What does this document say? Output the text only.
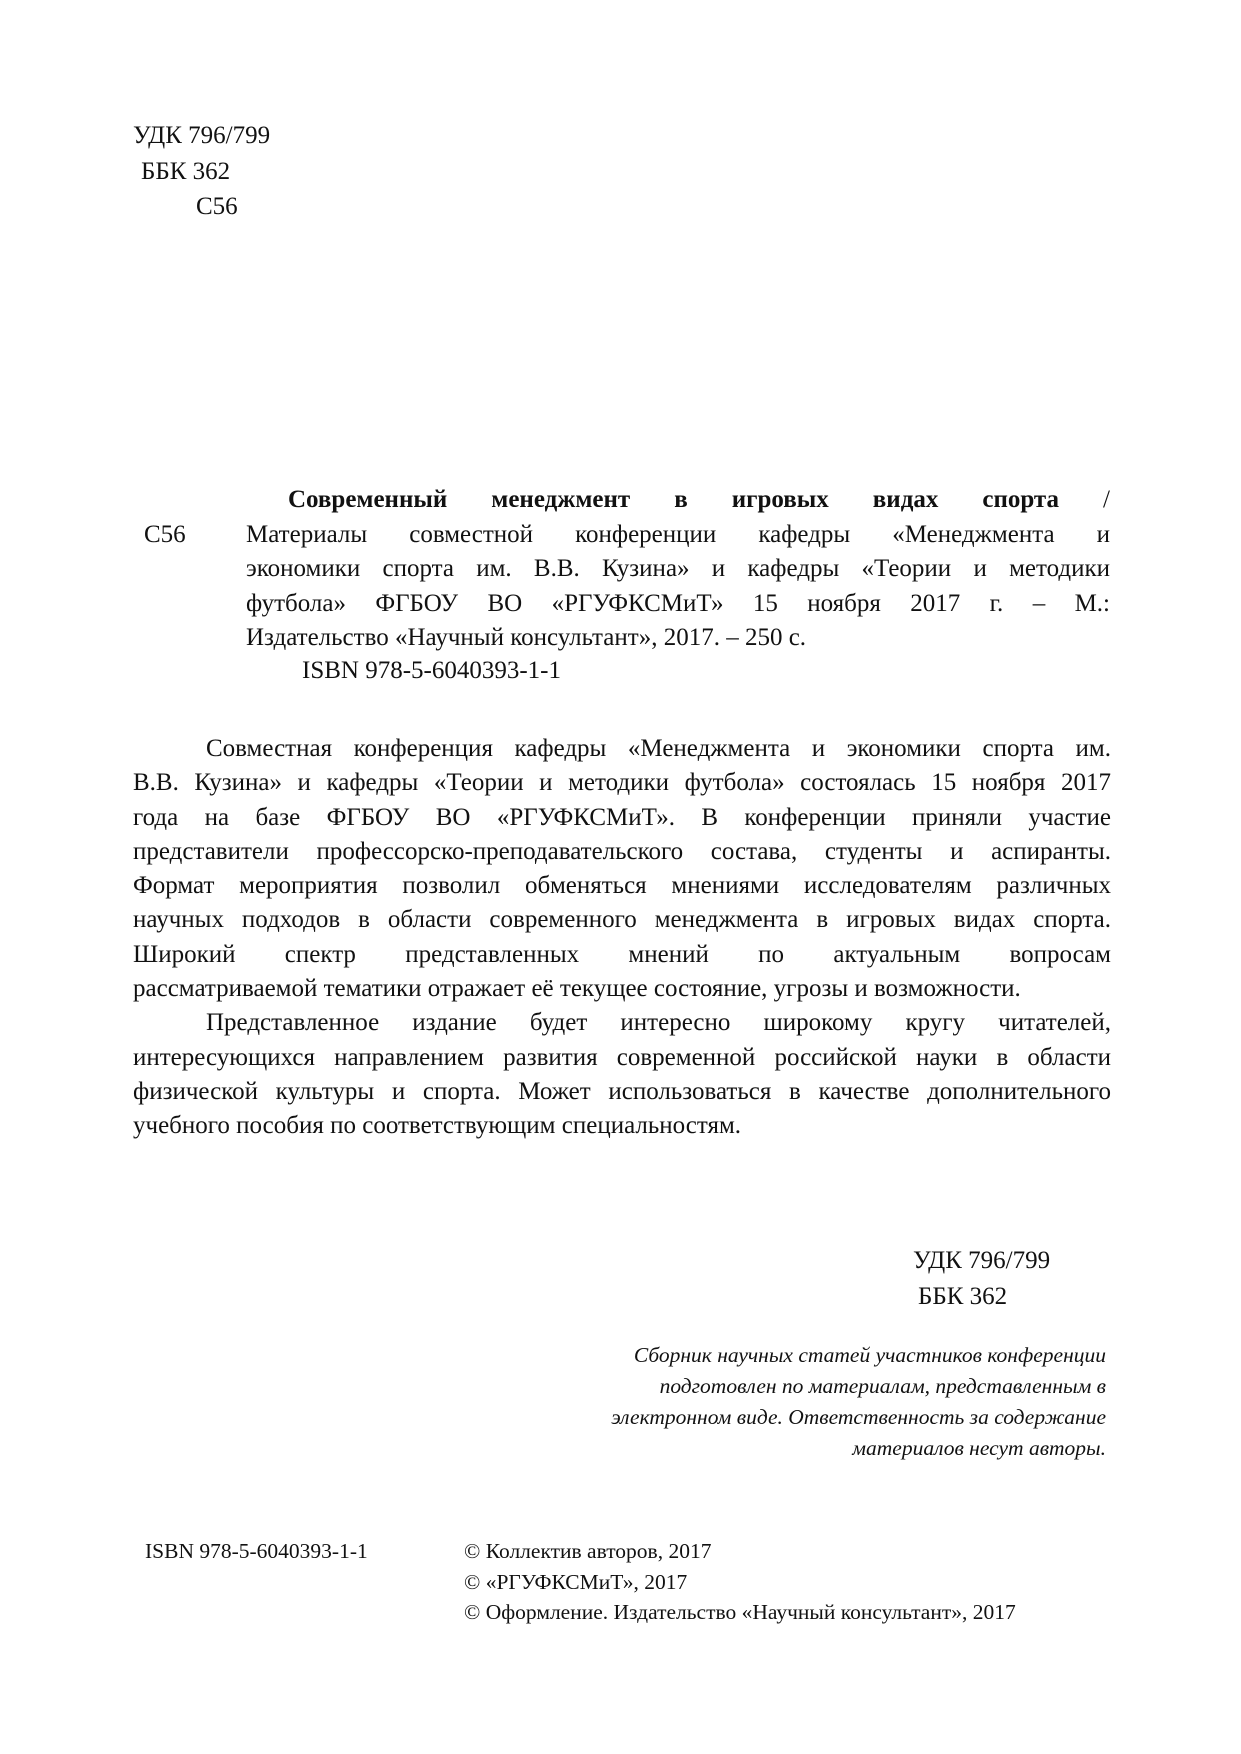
УДК 796/799
ББК 362
С56
С56
Современный менеджмент в игровых видах спорта /
Материалы совместной конференции кафедры «Менеджмента и
экономики спорта им. В.В. Кузина» и кафедры «Теории и методики
футбола» ФГБОУ ВО «РГУФКСМиТ» 15 ноября 2017 г. – М.:
Издательство «Научный консультант», 2017. – 250 с.
ISBN 978-5-6040393-1-1
Совместная конференция кафедры «Менеджмента и экономики спорта им.
В.В. Кузина» и кафедры «Теории и методики футбола» состоялась 15 ноября 2017
года на базе ФГБОУ ВО «РГУФКСМиТ». В конференции приняли участие
представители профессорско-преподавательского состава, студенты и аспиранты.
Формат мероприятия позволил обменяться мнениями исследователям различных
научных подходов в области современного менеджмента в игровых видах спорта.
Широкий спектр представленных мнений по актуальным вопросам
рассматриваемой тематики отражает её текущее состояние, угрозы и возможности.
Представленное издание будет интересно широкому кругу читателей,
интересующихся направлением развития современной российской науки в области
физической культуры и спорта. Может использоваться в качестве дополнительного
учебного пособия по соответствующим специальностям.
УДК 796/799
ББК 362
Сборник научных статей участников конференции
подготовлен по материалам, представленным в
электронном виде. Ответственность за содержание
материалов несут авторы.
ISBN 978-5-6040393-1-1	© Коллектив авторов, 2017
© «РГУФКСМиТ», 2017
© Оформление. Издательство «Научный консультант», 2017
